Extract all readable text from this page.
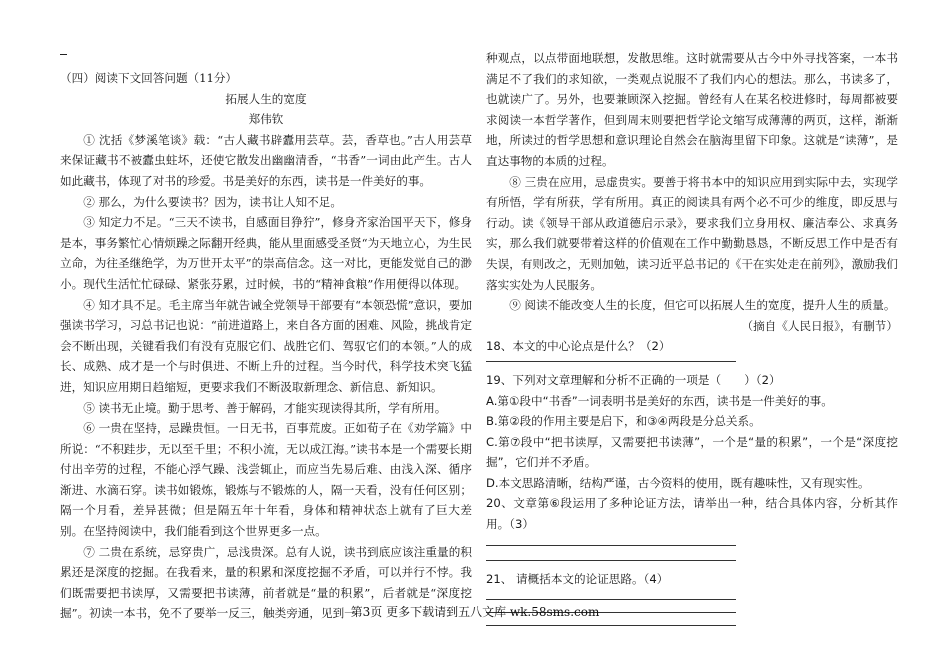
（四）阅读下文回答问题（11分）

拓展人生的宽度

郑伟钦

① 沈括《梦溪笔谈》载：“古人藏书辟蠹用芸草。芸，香草也。”古人用芸草来保证藏书不被蠹虫蛀坏，还使它散发出幽幽清香，“书香”一词由此产生。古人如此藏书，体现了对书的珍爱。书是美好的东西，读书是一件美好的事。

② 那么，为什么要读书？因为，读书让人知不足。

③ 知定力不足。“三天不读书，自感面目狰狞”，修身齐家治国平天下，修身是本，事务繁忙心情烦躁之际翻开经典，能从里面感受圣贤“为天地立心，为生民立命，为往圣继绝学，为万世开太平”的崇高信念。这一对比，更能发觉自己的渺小。现代生活忙忙碌碌、紧张芬累，过时候，书的“精神食粮”作用便得以体现。

④ 知才具不足。毛主席当年就告诫全党领导干部要有“本领恐慌”意识，要加强读书学习，习总书记也说：“前进道路上，来自各方面的困难、风险，挑战肯定会不断出现，关键看我们有没有克服它们、战胜它们、驾驭它们的本领。”人的成长、成熟、成才是一个与时俱进、不断上升的过程。当今时代，科学技术突飞猛进，知识应用期日趋缩短，更要求我们不断汲取新理念、新信息、新知识。

⑤ 读书无止境。勤于思考、善于解码，才能实现读得其所，学有所用。

⑥ 一贵在坚持，忌躁贵恒。一日无书，百事荒废。正如荀子在《劝学篇》中所说：“不积跬步，无以至千里；不积小流，无以成江海。”读书本是一个需要长期付出辛劳的过程，不能心浮气躁、浅尝辄止，而应当先易后难、由浅入深、循序渐进、水滴石穿。读书如锻炼，锻炼与不锻炼的人，隔一天看，没有任何区别；隔一个月看，差异甚微；但是隔五年十年看，身体和精神状态上就有了巨大差别。在坚持阅读中，我们能看到这个世界更多一点。

⑦ 二贵在系统，忌穿贵广，忌浅贵深。总有人说，读书到底应该注重量的积累还是深度的挖掘。在我看来，量的积累和深度挖掘不矛盾，可以并行不悖。我们既需要把书读厚，又需要把书读薄，前者就是“量的积累”，后者就是“深度挖掘”。初读一本书，免不了要举一反三，触类旁通，见到一

种观点，以点带面地联想，发散思维。这时就需要从古今中外寻找答案，一本书满足不了我们的求知欲，一类观点说服不了我们内心的想法。那么，书读多了，也就读广了。另外，也要兼顾深入挖掘。曾经有人在某名校进修时，每周都被要求阅读一本哲学著作，但到周末则要把哲学论文缩写成薄薄的两页，这样，渐渐地，所读过的哲学思想和意识理论自然会在脑海里留下印象。这就是“读薄”，是直达事物的本质的过程。

⑧ 三贵在应用，忌虚贵实。要善于将书本中的知识应用到实际中去，实现学有所悟，学有所获，学有所用。真正的阅读具有两个必不可少的维度，即反思与行动。读《领导干部从政道德启示录》，要求我们立身用权、廉洁奉公、求真务实，那么我们就要带着这样的价值观在工作中勤勤恳恳，不断反思工作中是否有失误，有则改之，无则加勉，读习近平总书记的《干在实处走在前列》，激励我们落实实处为人民服务。

⑨ 阅读不能改变人生的长度，但它可以拓展人生的宽度，提升人生的质量。

（摘自《人民日报》，有删节）

18、本文的中心论点是什么？（2）

19、下列对文章理解和分析不正确的一项是（　　）（2）

A.第①段中“书香”一词表明书是美好的东西，读书是一件美好的事。

B.第②段的作用主要是启下，和③④两段是分总关系。

C.第⑦段中“把书读厚，又需要把书读薄”，一个是“量的积累”，一个是“深度挖掘”，它们并不矛盾。

D.本文思路清晰，结构严谨，古今资料的使用，既有趣味性，又有现实性。

20、文章第⑥段运用了多种论证方法，请举出一种，结合具体内容，分析其作用。（3）

21、 请概括本文的论证思路。（4）

第3页 更多下载请到五八文库 wk.58sms.com
